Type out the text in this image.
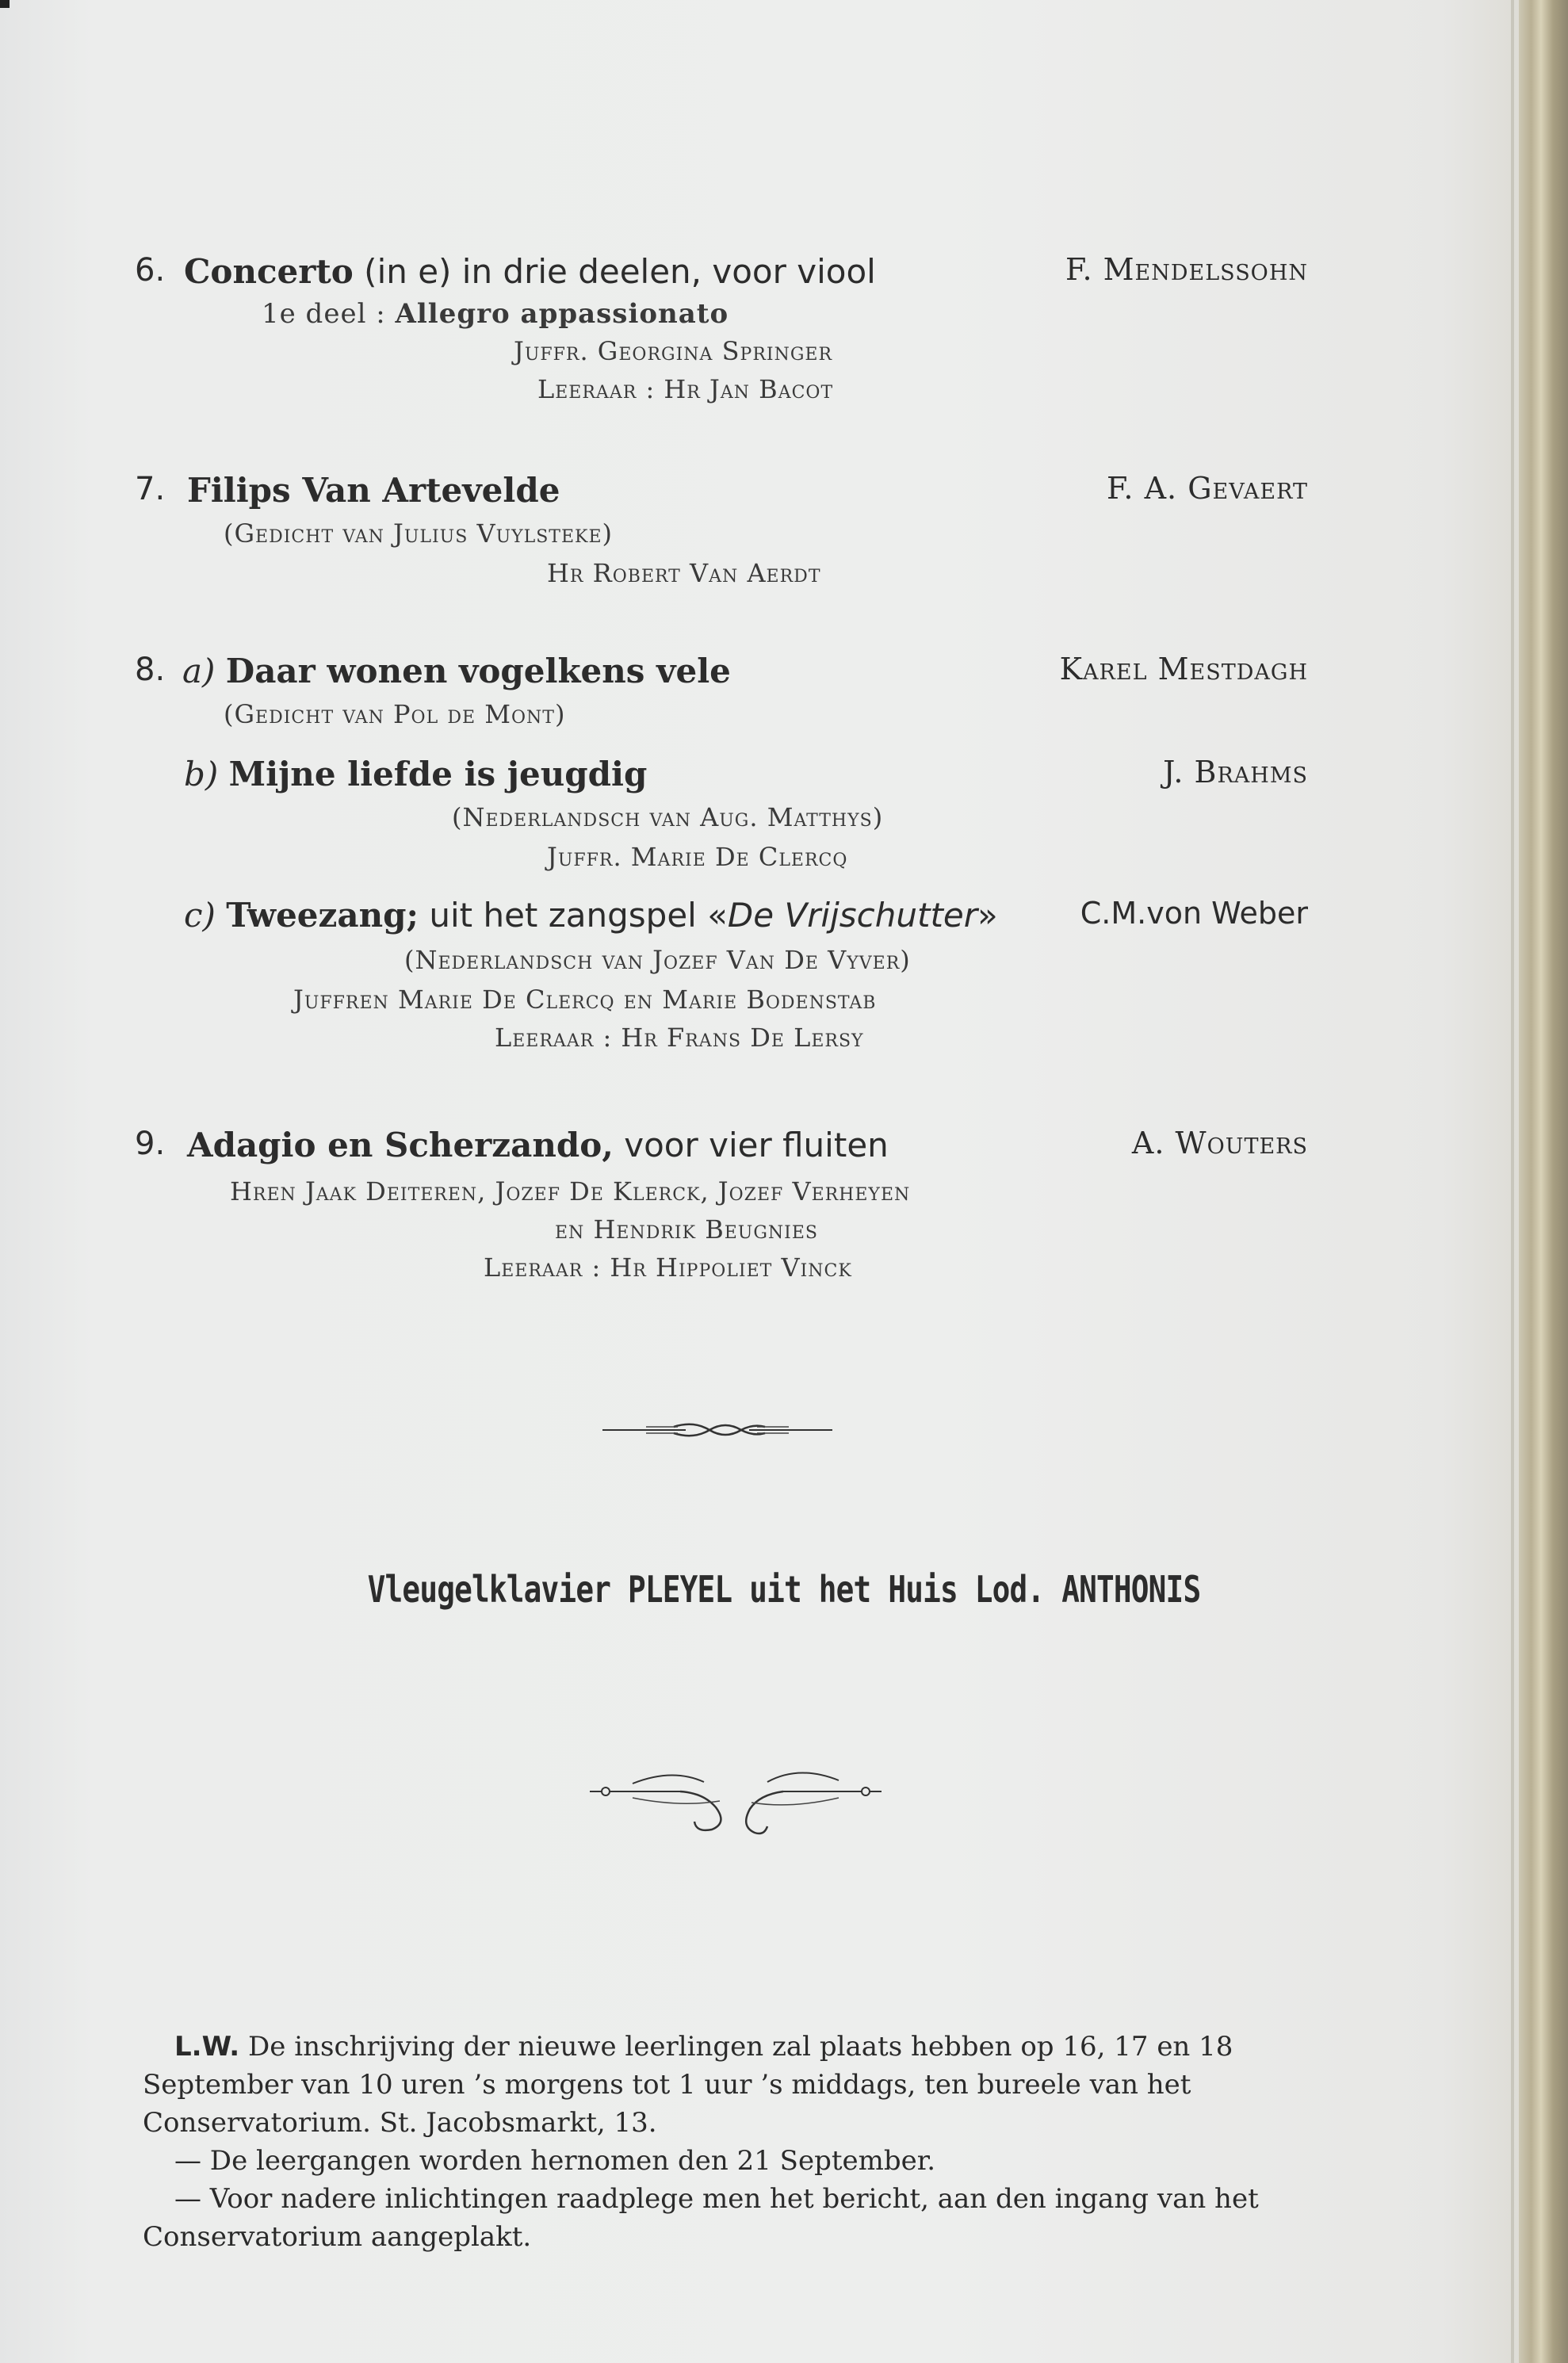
6. Concerto (in e) in drie deelen, voor viool	F. Mendelssohn
1e deel : Allegro appassionato
Juffr. Georgina Springer
Leeraar : Hr Jan Bacot
7. Filips Van Artevelde	F. A. Gevaert
(Gedicht van Julius Vuylsteke)
Hr Robert Van Aerdt
8. a) Daar wonen vogelkens vele	Karel Mestdagh
(Gedicht van Pol de Mont)
b) Mijne liefde is jeugdig	J. Brahms
(Nederlandsch van Aug. Matthys)
Juffr. Marie De Clercq
c) Tweezang; uit het zangspel «De Vrijschutter»	C.M.von Weber
(Nederlandsch van Jozef Van De Vyver)
Juffren Marie De Clercq en Marie Bodenstab
Leeraar : Hr Frans De Lersy
9. Adagio en Scherzando, voor vier fluiten	A. Wouters
Hren Jaak Deiteren, Jozef De Klerck, Jozef Verheyen
en Hendrik Beugnies
Leeraar : Hr Hippoliet Vinck
Vleugelklavier PLEYEL uit het Huis Lod. ANTHONIS

L.W. De inschrijving der nieuwe leerlingen zal plaats hebben op 16, 17 en 18 September van 10 uren ’s morgens tot 1 uur ’s middags, ten bureele van het Conservatorium. St. Jacobsmarkt, 13.

— De leergangen worden hernomen den 21 September.

— Voor nadere inlichtingen raadplege men het bericht, aan den ingang van het Conservatorium aangeplakt.
